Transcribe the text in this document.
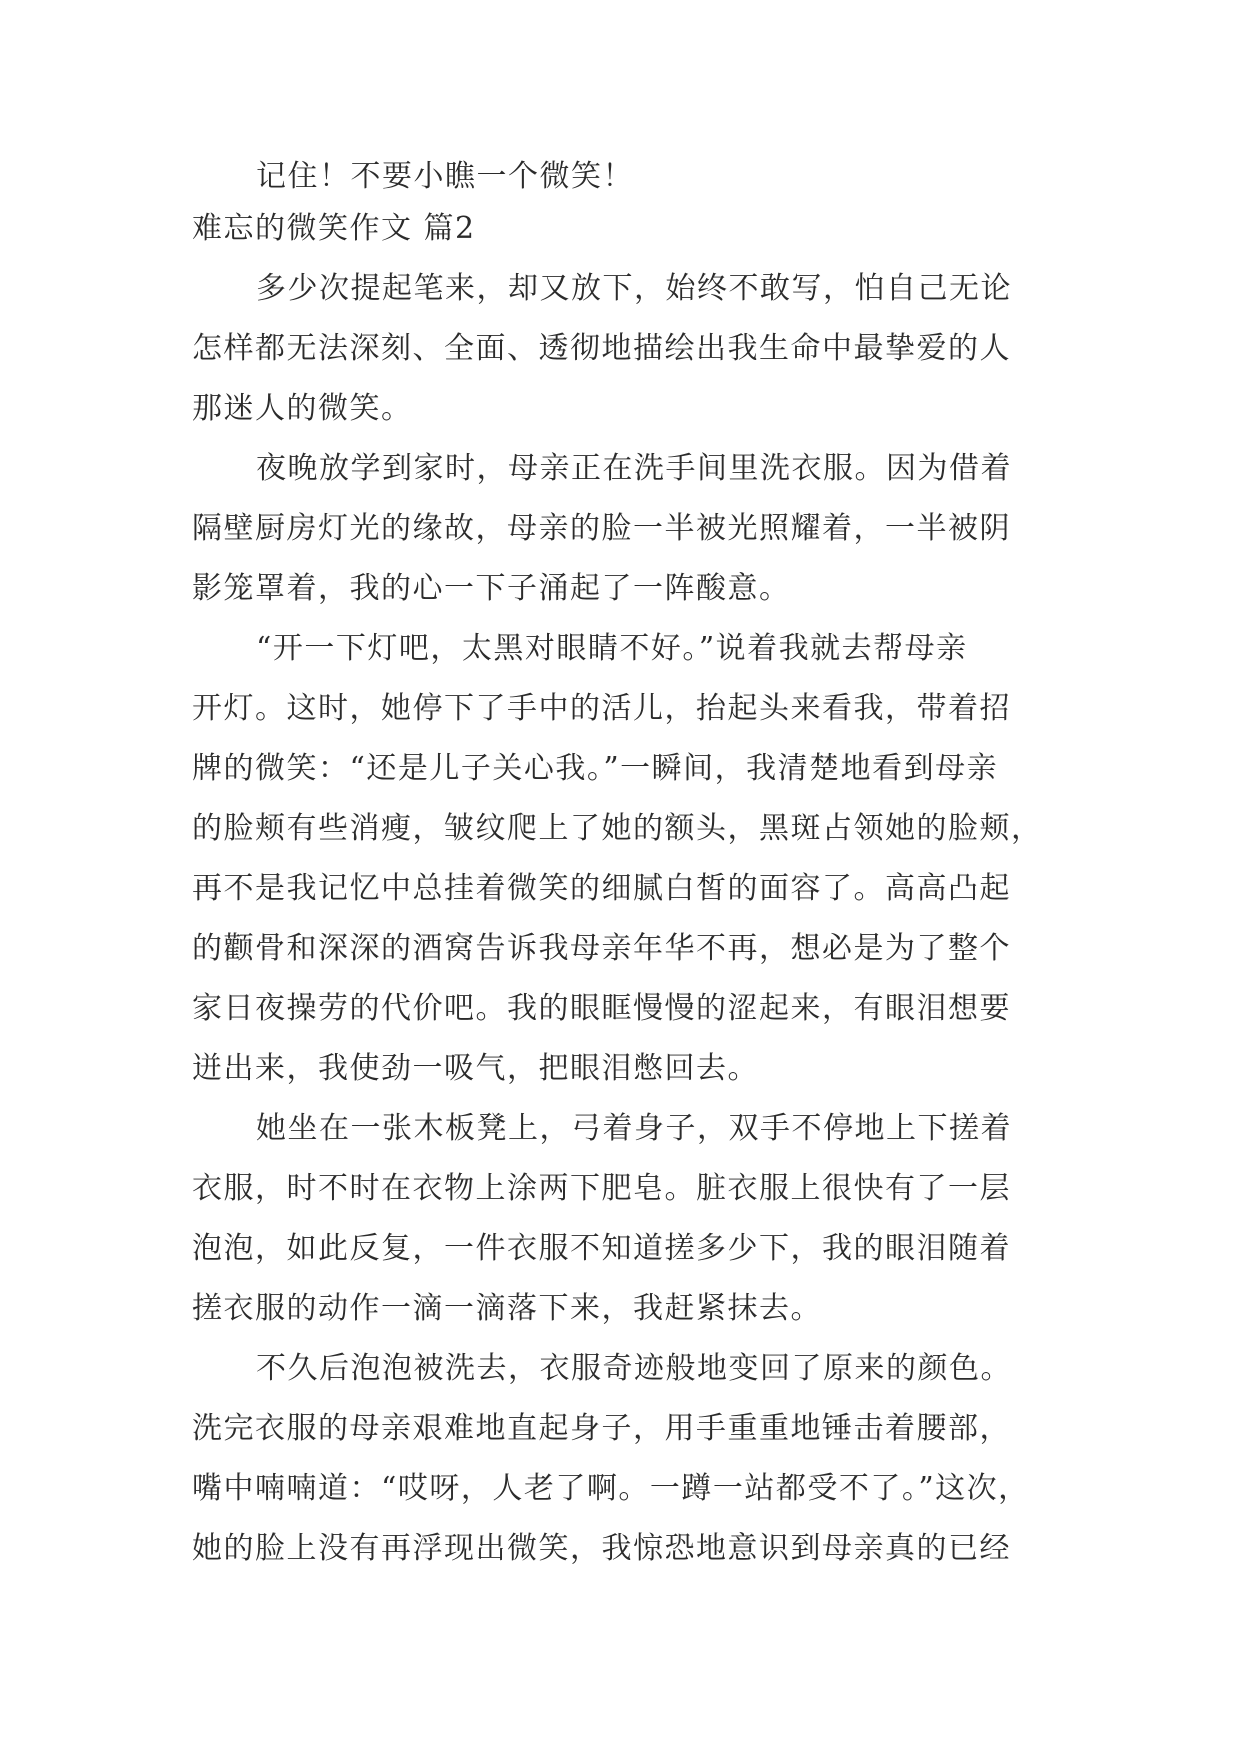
记住！不要小瞧一个微笑！
难忘的微笑作文 篇2
多少次提起笔来，却又放下，始终不敢写，怕自己无论
怎样都无法深刻、全面、透彻地描绘出我生命中最挚爱的人
那迷人的微笑。
夜晚放学到家时，母亲正在洗手间里洗衣服。因为借着
隔壁厨房灯光的缘故，母亲的脸一半被光照耀着，一半被阴
影笼罩着，我的心一下子涌起了一阵酸意。
“开一下灯吧，太黑对眼睛不好。”说着我就去帮母亲
开灯。这时，她停下了手中的活儿，抬起头来看我，带着招
牌的微笑：“还是儿子关心我。”一瞬间，我清楚地看到母亲
的脸颊有些消瘦，皱纹爬上了她的额头，黑斑占领她的脸颊，
再不是我记忆中总挂着微笑的细腻白皙的面容了。高高凸起
的颧骨和深深的酒窝告诉我母亲年华不再，想必是为了整个
家日夜操劳的代价吧。我的眼眶慢慢的涩起来，有眼泪想要
迸出来，我使劲一吸气，把眼泪憋回去。
她坐在一张木板凳上，弓着身子，双手不停地上下搓着
衣服，时不时在衣物上涂两下肥皂。脏衣服上很快有了一层
泡泡，如此反复，一件衣服不知道搓多少下，我的眼泪随着
搓衣服的动作一滴一滴落下来，我赶紧抹去。
不久后泡泡被洗去，衣服奇迹般地变回了原来的颜色。
洗完衣服的母亲艰难地直起身子，用手重重地锤击着腰部，
嘴中喃喃道：“哎呀，人老了啊。一蹲一站都受不了。”这次，
她的脸上没有再浮现出微笑，我惊恐地意识到母亲真的已经
